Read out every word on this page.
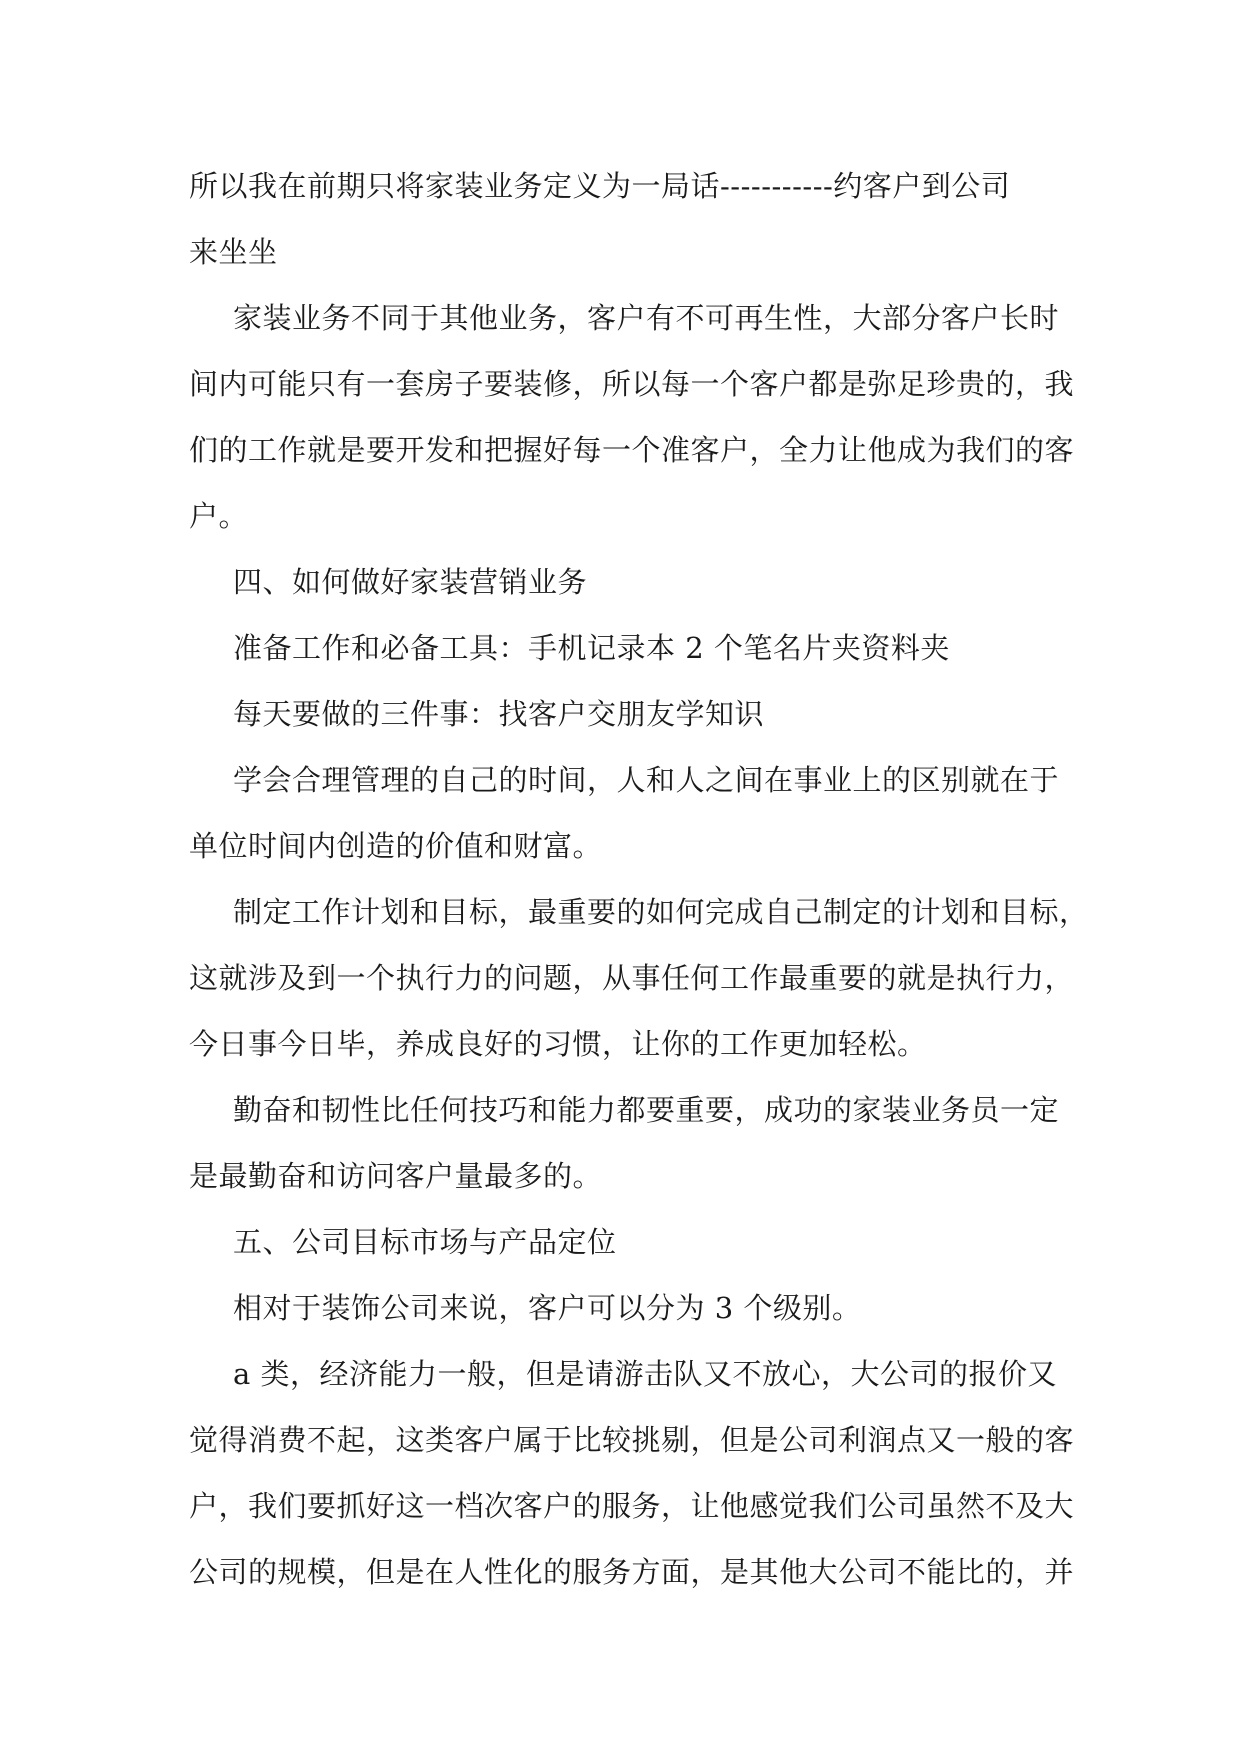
所以我在前期只将家装业务定义为一局话-----------约客户到公司
来坐坐

家装业务不同于其他业务，客户有不可再生性，大部分客户长时
间内可能只有一套房子要装修，所以每一个客户都是弥足珍贵的，我
们的工作就是要开发和把握好每一个准客户，全力让他成为我们的客
户。

四、如何做好家装营销业务

准备工作和必备工具：手机记录本 2 个笔名片夹资料夹

每天要做的三件事：找客户交朋友学知识

学会合理管理的自己的时间，人和人之间在事业上的区别就在于
单位时间内创造的价值和财富。

制定工作计划和目标，最重要的如何完成自己制定的计划和目标，
这就涉及到一个执行力的问题，从事任何工作最重要的就是执行力，
今日事今日毕，养成良好的习惯，让你的工作更加轻松。

勤奋和韧性比任何技巧和能力都要重要，成功的家装业务员一定
是最勤奋和访问客户量最多的。

五、公司目标市场与产品定位

相对于装饰公司来说，客户可以分为 3 个级别。

a 类，经济能力一般，但是请游击队又不放心，大公司的报价又
觉得消费不起，这类客户属于比较挑剔，但是公司利润点又一般的客
户，我们要抓好这一档次客户的服务，让他感觉我们公司虽然不及大
公司的规模，但是在人性化的服务方面，是其他大公司不能比的，并
